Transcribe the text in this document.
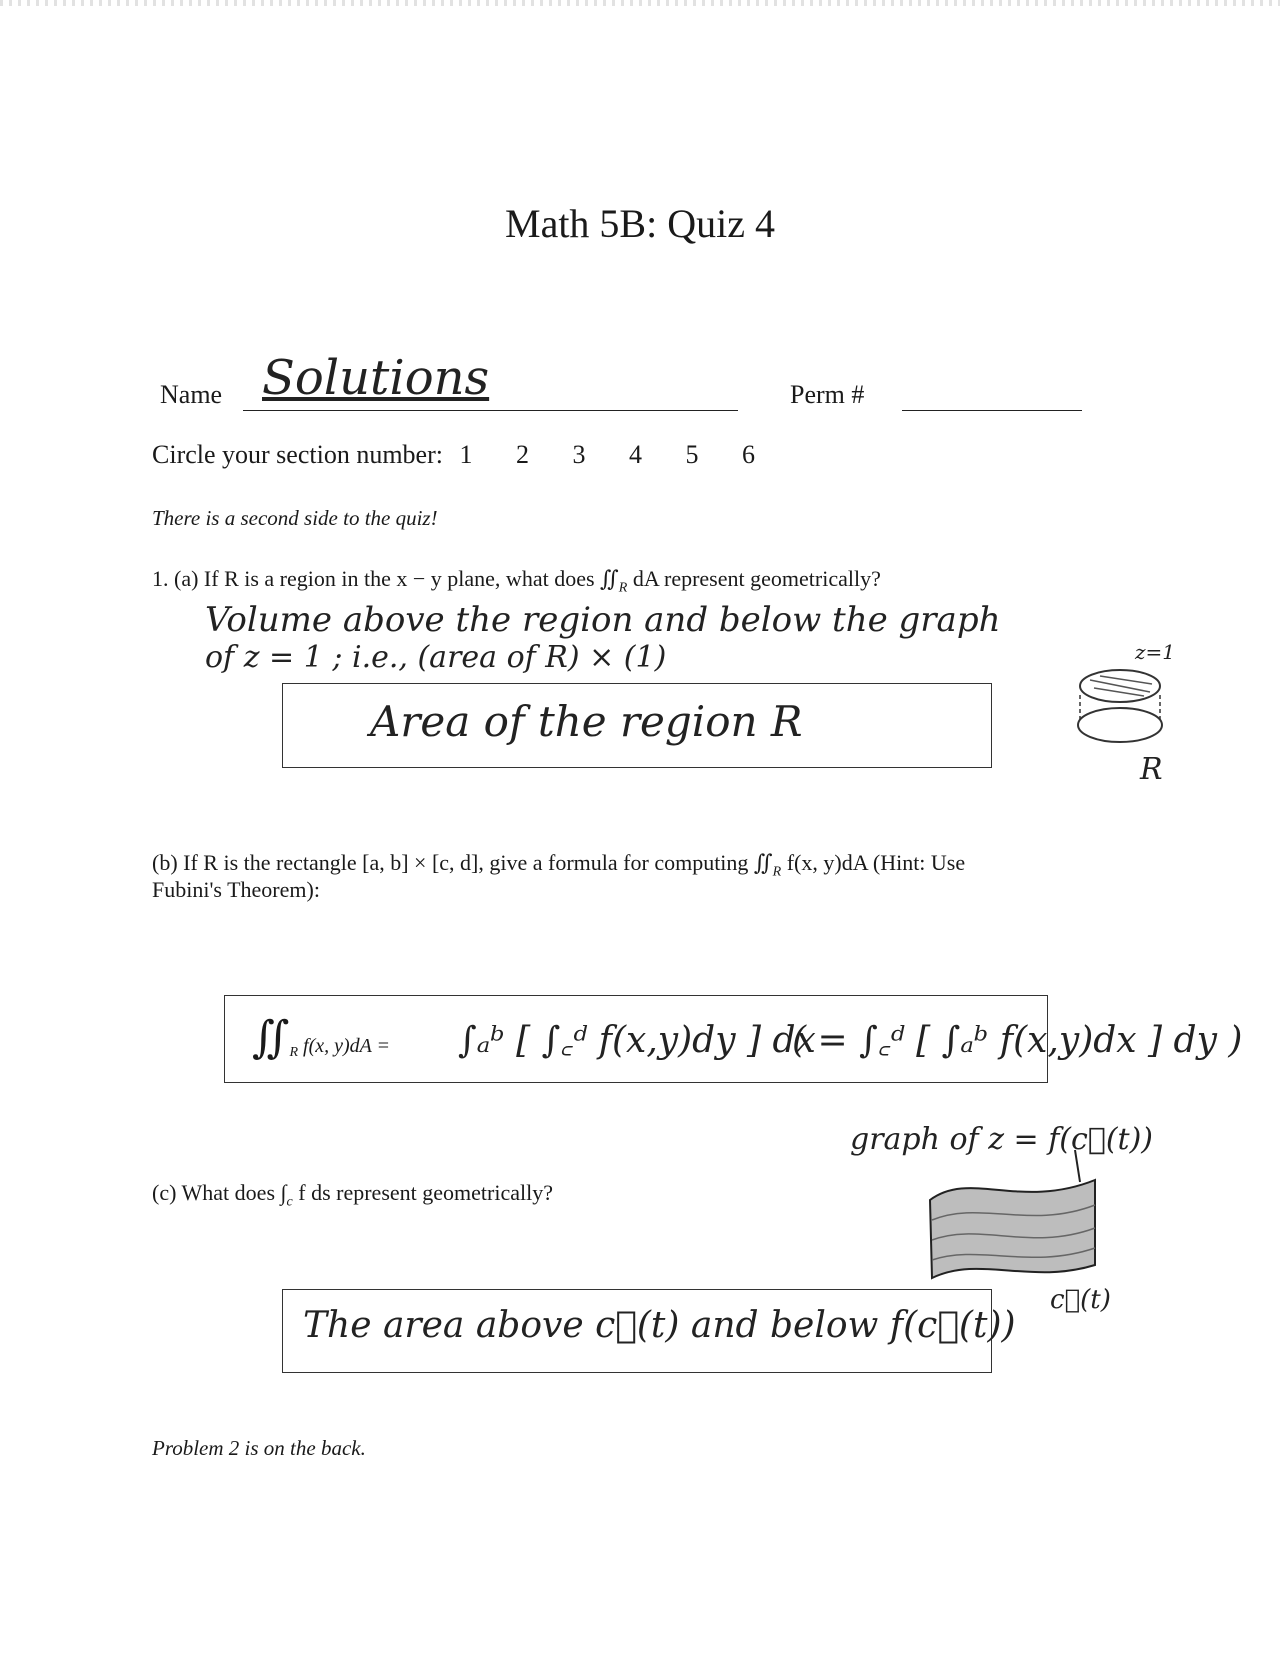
Math 5B: Quiz 4
Name Solutions	Perm #
Circle your section number: 1 2 3 4 5 6
There is a second side to the quiz!
1. (a) If R is a region in the x − y plane, what does $∬_R$ dA represent geometrically?
Volume above the region and below the graph
of z = 1 ; i.e., (area of R) × (1)
Area of the region R
z=1
R
(b) If R is the rectangle [a, b] × [c, d], give a formula for computing $∬_R$ f(x, y)dA (Hint: Use
Fubini's Theorem):
$∬_R$ f(x, y)dA = ∫ₐᵇ [ ∫꜀ᵈ f(x,y)dy ] dx
( = ∫꜀ᵈ [ ∫ₐᵇ f(x,y)dx ] dy )
(c) What does $\int_c$ f ds represent geometrically?
graph of z = f(c⃗(t))
c⃗(t)
The area above c⃗(t) and below f(c⃗(t))
Problem 2 is on the back.
